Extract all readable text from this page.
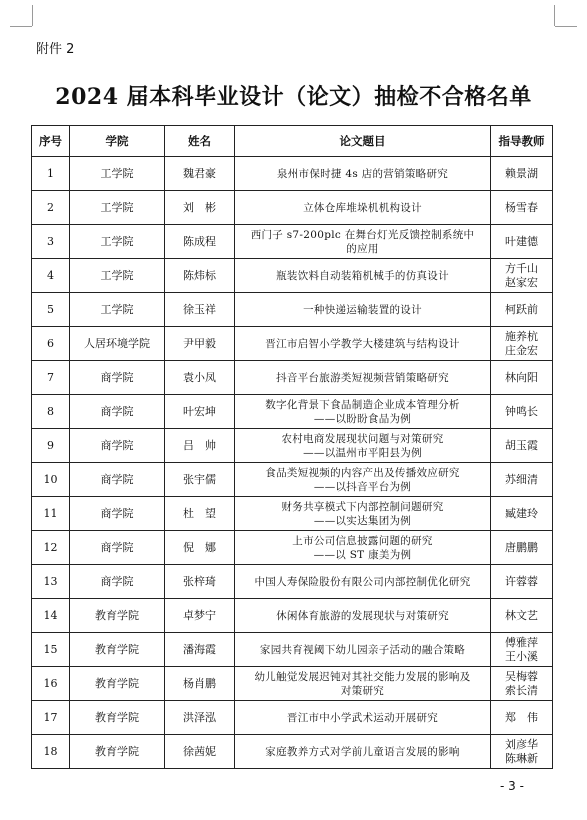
附件 2
2024 届本科毕业设计（论文）抽检不合格名单
序号	学院	姓名	论文题目	指导教师
1	工学院	魏君豪	泉州市保时捷 4s 店的营销策略研究	赖景湖

2	工学院	刘　彬	立体仓库堆垛机机构设计	杨雪春

3	工学院	陈成程	西门子 s7-200plc 在舞台灯光反馈控制系统中
的应用	叶建德

4	工学院	陈炜标	瓶装饮料自动装箱机械手的仿真设计	方千山
赵家宏

5	工学院	徐玉祥	一种快递运输装置的设计	柯跃前

6	人居环境学院	尹甲毅	晋江市启智小学教学大楼建筑与结构设计	施养杭
庄金宏

7	商学院	袁小凤	抖音平台旅游类短视频营销策略研究	林向阳

8	商学院	叶宏坤	数字化背景下食品制造企业成本管理分析
——以盼盼食品为例	钟鸣长

9	商学院	吕　帅	农村电商发展现状问题与对策研究
——以温州市平阳县为例	胡玉霞

10	商学院	张宇儒	食品类短视频的内容产出及传播效应研究
——以抖音平台为例	苏细清

11	商学院	杜　望	财务共享模式下内部控制问题研究
——以实达集团为例	臧建玲

12	商学院	倪　娜	上市公司信息披露问题的研究
——以 ST 康美为例	唐鹏鹏

13	商学院	张梓琦	中国人寿保险股份有限公司内部控制优化研究	许蓉蓉

14	教育学院	卓梦宁	休闲体育旅游的发展现状与对策研究	林文艺

15	教育学院	潘海霞	家园共育视阈下幼儿园亲子活动的融合策略	傅雅萍
王小溪

16	教育学院	杨肖鹏	幼儿触觉发展迟钝对其社交能力发展的影响及
对策研究	吴梅蓉
索长清

17	教育学院	洪泽泓	晋江市中小学武术运动开展研究	郑　伟

18	教育学院	徐茜妮	家庭教养方式对学前儿童语言发展的影响	刘彦华
陈琳新
- 3 -
